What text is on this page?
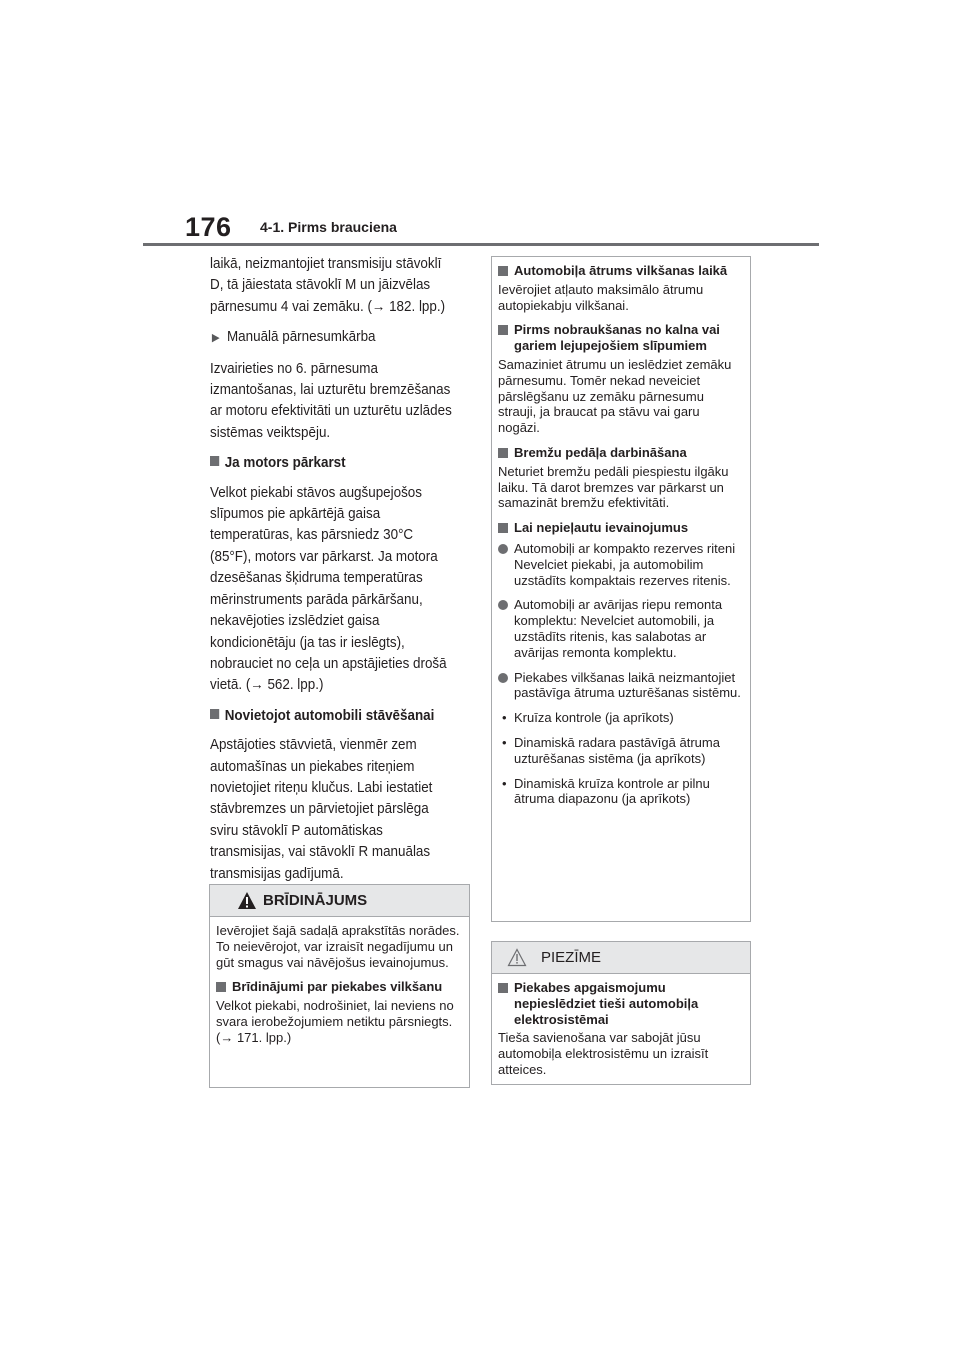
176 4-1. Pirms brauciena

laikā, neizmantojiet transmisiju stāvoklī D, tā jāiestata stāvoklī M un jāizvēlas pārnesumu 4 vai zemāku. (→ 182. lpp.)

▶ Manuālā pārnesumkārba

Izvairieties no 6. pārnesuma izmantošanas, lai uzturētu bremzēšanas ar motoru efektivitāti un uzturētu uzlādes sistēmas veiktspēju.

Ja motors pārkarst

Velkot piekabi stāvos augšupejošos slīpumos pie apkārtējā gaisa temperatūras, kas pārsniedz 30°C (85°F), motors var pārkarst. Ja motora dzesēšanas šķidruma temperatūras mērinstruments parāda pārkāršanu, nekavējoties izslēdziet gaisa kondicionētāju (ja tas ir ieslēgts), nobrauciet no ceļa un apstājieties drošā vietā. (→ 562. lpp.)

Novietojot automobili stāvēšanai

Apstājoties stāvvietā, vienmēr zem automašīnas un piekabes riteņiem novietojiet riteņu klučus. Labi iestatiet stāvbremzes un pārvietojiet pārslēga sviru stāvoklī P automātiskas transmisijas, vai stāvoklī R manuālas transmisijas gadījumā.

BRĪDINĀJUMS

Ievērojiet šajā sadaļā aprakstītās norādes. To neievērojot, var izraisīt negadījumu un gūt smagus vai nāvējošus ievainojumus.

Brīdinājumi par piekabes vilkšanu

Velkot piekabi, nodrošiniet, lai neviens no svara ierobežojumiem netiktu pārsniegts. (→ 171. lpp.)

Automobiļa ātrums vilkšanas laikā

Ievērojiet atļauto maksimālo ātrumu autopiekabju vilkšanai.

Pirms nobraukšanas no kalna vai gariem lejupejošiem slīpumiem

Samaziniet ātrumu un ieslēdziet zemāku pārnesumu. Tomēr nekad neveiciet pārslēgšanu uz zemāku pārnesumu strauji, ja braucat pa stāvu vai garu nogāzi.

Bremžu pedāļa darbināšana

Neturiet bremžu pedāli piespiestu ilgāku laiku. Tā darot bremzes var pārkarst un samazināt bremžu efektivitāti.

Lai nepieļautu ievainojumus
Automobiļi ar kompakto rezerves riteni Nevelciet piekabi, ja automobilim uzstādīts kompaktais rezerves ritenis.
Automobiļi ar avārijas riepu remonta komplektu: Nevelciet automobili, ja uzstādīts ritenis, kas salabotas ar avārijas remonta komplektu.
Piekabes vilkšanas laikā neizmantojiet pastāvīga ātruma uzturēšanas sistēmu.
• Kruīza kontrole (ja aprīkots)
• Dinamiskā radara pastāvīgā ātruma uzturēšanas sistēma (ja aprīkots)
• Dinamiskā kruīza kontrole ar pilnu ātruma diapazonu (ja aprīkots)
PIEZĪME
Piekabes apgaismojumu nepieslēdziet tieši automobiļa elektrosistēmai

Tieša savienošana var sabojāt jūsu automobiļa elektrosistēmu un izraisīt atteices.
